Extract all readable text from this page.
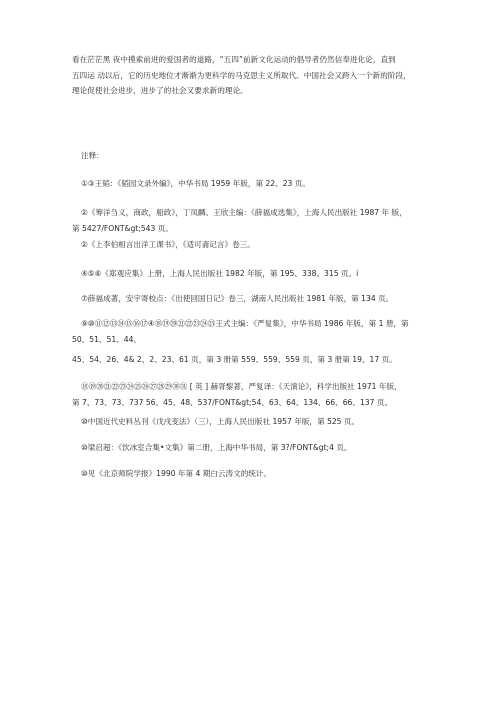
看在茫茫黑 夜中摸索前进的爱国者的道路，“五四”前新文化运动的倡导者仍然信奉进化论，直到

五四运 动以后，它的历史地位才渐渐为更科学的马克思主义所取代。中国社会又跨入一个新的阶段，

理论促使社会进步，进步了的社会又要求新的理论。

注释：
①③王韬：《韬园文录外编》，中华书局 1959 年版，第 22、23 页。
②《筹洋刍义，商政，船政》，丁凤麟、王欣主编：《薛福成选集》，上海人民出版社 1987 年 版，
第 5427/FONT&gt;543 页。
②《上李伯相言出洋工课书》，《适可斋记言》卷三。
④⑤⑥《郑观应集》上册，上海人民出版社 1982 年版，第 195、338、315 页。i
⑦薛福成著，安宇寄校点：《出使回国日记》卷三，湖南人民出版社 1981 年版，第 134 页。
⑨⑩⑪⑫⑬⑭⑮⑯⑰④⑱⑲⑳㉑㉒㉓㉔㉕王式主编：《严复集》，中华书局 1986 年版，第 1 册，第
50、51、51、44、
45、54、26、4& 2、2、23、61 页，第 3 册第 559、559、559 页，第 3 册第 19、17 页。
⑱⑲⑳㉑㉒㉓㉔㉕㉖㉗㉘㉙㉚㉛ [ 英 ] 赫胥黎著，严复译：《天演论》，科学出版社 1971 年版，
第 7、73、73、737 56、45、48、537/FONT&gt;54、63、64、134、66、66、137 页。
⑩中国近代史料丛刊《戊戌变法》（三），上海人民出版社 1957 年版，第 525 页。
⑩梁启超：《饮冰室合集•文集》第二册，上海中华书局，第 3?/FONT&gt;4 页。
⑩见《北京师院学报》1990 年第 4 期白云涛文的统计。
